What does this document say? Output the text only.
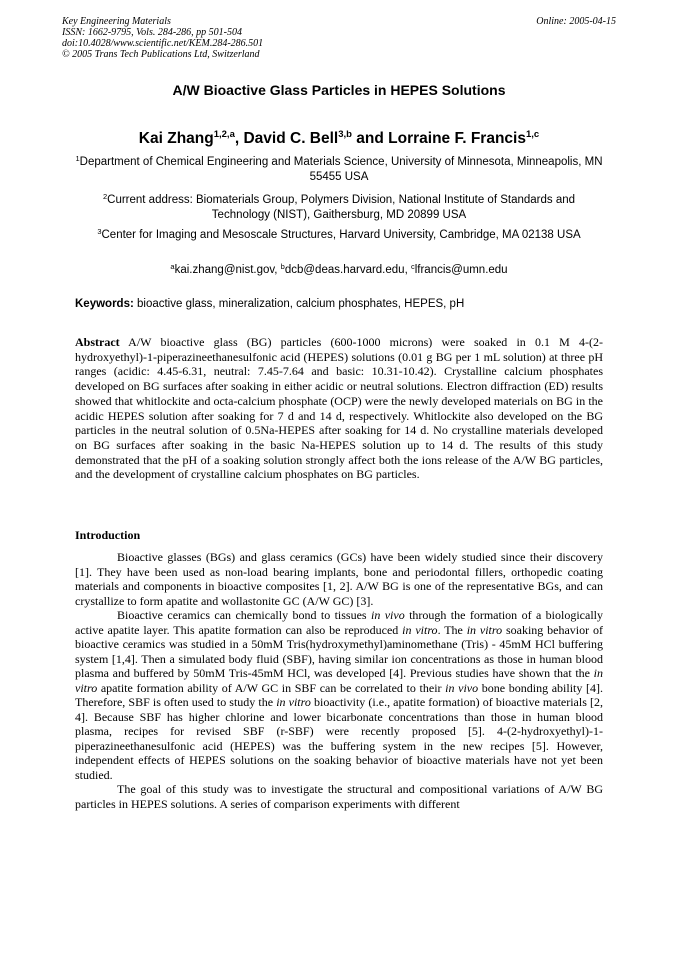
Key Engineering Materials
ISSN: 1662-9795, Vols. 284-286, pp 501-504
doi:10.4028/www.scientific.net/KEM.284-286.501
© 2005 Trans Tech Publications Ltd, Switzerland
Online: 2005-04-15
A/W Bioactive Glass Particles in HEPES Solutions
Kai Zhang$^{1,2,a}$, David C. Bell$^{3,b}$ and Lorraine F. Francis$^{1,c}$
$^1$Department of Chemical Engineering and Materials Science, University of Minnesota, Minneapolis, MN 55455 USA
$^2$Current address: Biomaterials Group, Polymers Division, National Institute of Standards and Technology (NIST), Gaithersburg, MD 20899 USA
$^3$Center for Imaging and Mesoscale Structures, Harvard University, Cambridge, MA 02138 USA
$^a$kai.zhang@nist.gov, $^b$dcb@deas.harvard.edu, $^c$lfrancis@umn.edu
Keywords: bioactive glass, mineralization, calcium phosphates, HEPES, pH
Abstract A/W bioactive glass (BG) particles (600-1000 microns) were soaked in 0.1 M 4-(2-hydroxyethyl)-1-piperazineethanesulfonic acid (HEPES) solutions (0.01 g BG per 1 mL solution) at three pH ranges (acidic: 4.45-6.31, neutral: 7.45-7.64 and basic: 10.31-10.42). Crystalline calcium phosphates developed on BG surfaces after soaking in either acidic or neutral solutions. Electron diffraction (ED) results showed that whitlockite and octa-calcium phosphate (OCP) were the newly developed materials on BG in the acidic HEPES solution after soaking for 7 d and 14 d, respectively. Whitlockite also developed on the BG particles in the neutral solution of 0.5Na-HEPES after soaking for 14 d. No crystalline materials developed on BG surfaces after soaking in the basic Na-HEPES solution up to 14 d. The results of this study demonstrated that the pH of a soaking solution strongly affect both the ions release of the A/W BG particles, and the development of crystalline calcium phosphates on BG particles.
Introduction

Bioactive glasses (BGs) and glass ceramics (GCs) have been widely studied since their discovery [1]. They have been used as non-load bearing implants, bone and periodontal fillers, orthopedic coating materials and components in bioactive composites [1, 2]. A/W BG is one of the representative BGs, and can crystallize to form apatite and wollastonite GC (A/W GC) [3].

Bioactive ceramics can chemically bond to tissues in vivo through the formation of a biologically active apatite layer. This apatite formation can also be reproduced in vitro. The in vitro soaking behavior of bioactive ceramics was studied in a 50mM Tris(hydroxymethyl)aminomethane (Tris) - 45mM HCl buffering system [1,4]. Then a simulated body fluid (SBF), having similar ion concentrations as those in human blood plasma and buffered by 50mM Tris-45mM HCl, was developed [4]. Previous studies have shown that the in vitro apatite formation ability of A/W GC in SBF can be correlated to their in vivo bone bonding ability [4]. Therefore, SBF is often used to study the in vitro bioactivity (i.e., apatite formation) of bioactive materials [2, 4]. Because SBF has higher chlorine and lower bicarbonate concentrations than those in human blood plasma, recipes for revised SBF (r-SBF) were recently proposed [5]. 4-(2-hydroxyethyl)-1-piperazineethanesulfonic acid (HEPES) was the buffering system in the new recipes [5]. However, independent effects of HEPES solutions on the soaking behavior of bioactive materials have not yet been studied.

The goal of this study was to investigate the structural and compositional variations of A/W BG particles in HEPES solutions. A series of comparison experiments with different
